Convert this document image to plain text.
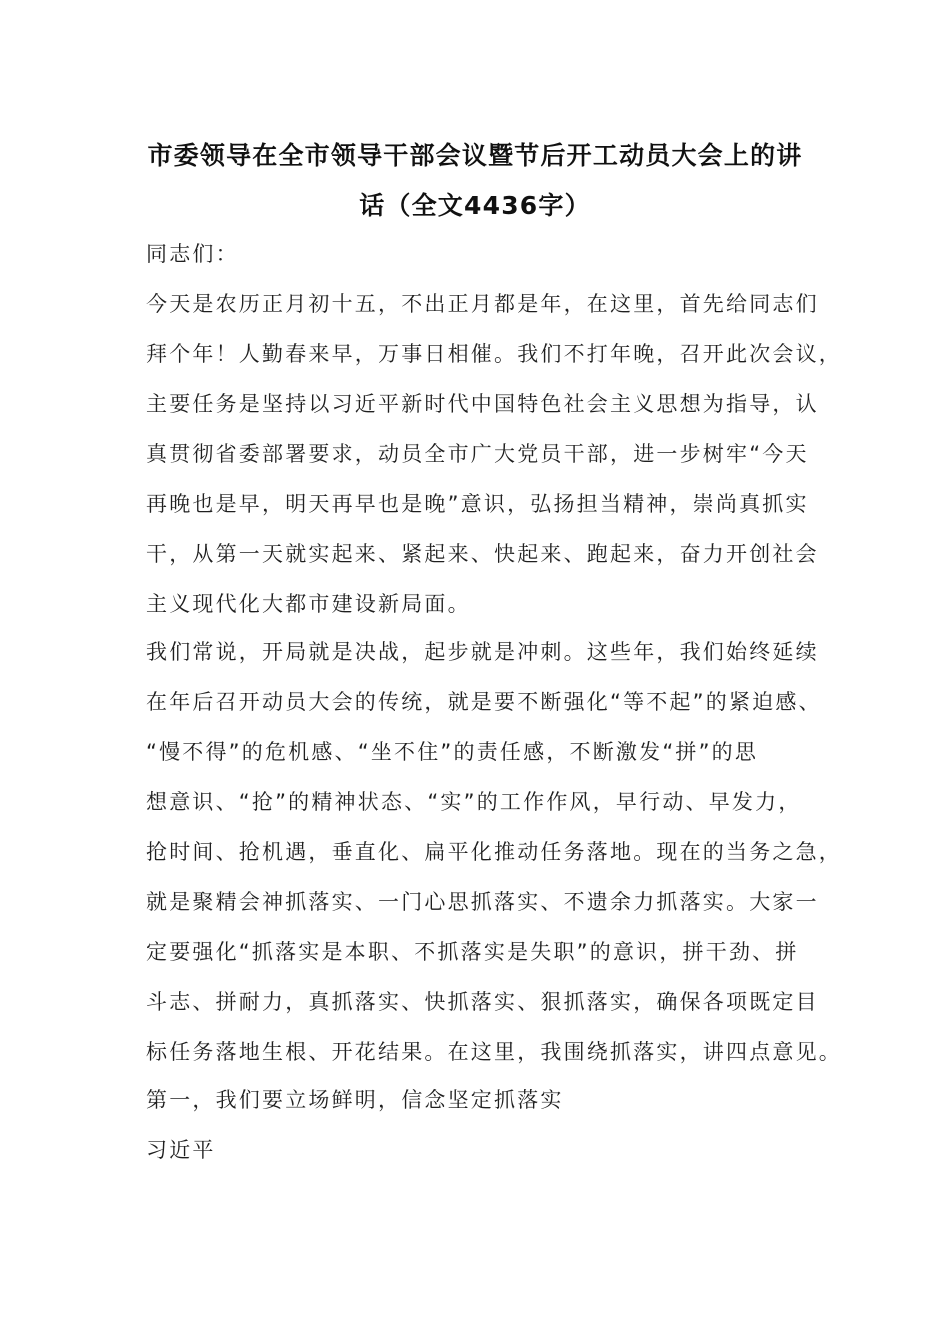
市委领导在全市领导干部会议暨节后开工动员大会上的讲
话（全文4436字）
同志们：
今天是农历正月初十五，不出正月都是年，在这里，首先给同志们
拜个年！人勤春来早，万事日相催。我们不打年晚，召开此次会议，
主要任务是坚持以习近平新时代中国特色社会主义思想为指导，认
真贯彻省委部署要求，动员全市广大党员干部，进一步树牢“今天
再晚也是早，明天再早也是晚”意识，弘扬担当精神，崇尚真抓实
干，从第一天就实起来、紧起来、快起来、跑起来，奋力开创社会
主义现代化大都市建设新局面。
我们常说，开局就是决战，起步就是冲刺。这些年，我们始终延续
在年后召开动员大会的传统，就是要不断强化“等不起”的紧迫感、
“慢不得”的危机感、“坐不住”的责任感，不断激发“拼”的思
想意识、“抢”的精神状态、“实”的工作作风，早行动、早发力，
抢时间、抢机遇，垂直化、扁平化推动任务落地。现在的当务之急，
就是聚精会神抓落实、一门心思抓落实、不遗余力抓落实。大家一
定要强化“抓落实是本职、不抓落实是失职”的意识，拼干劲、拼
斗志、拼耐力，真抓落实、快抓落实、狠抓落实，确保各项既定目
标任务落地生根、开花结果。在这里，我围绕抓落实，讲四点意见。
第一，我们要立场鲜明，信念坚定抓落实
习近平
